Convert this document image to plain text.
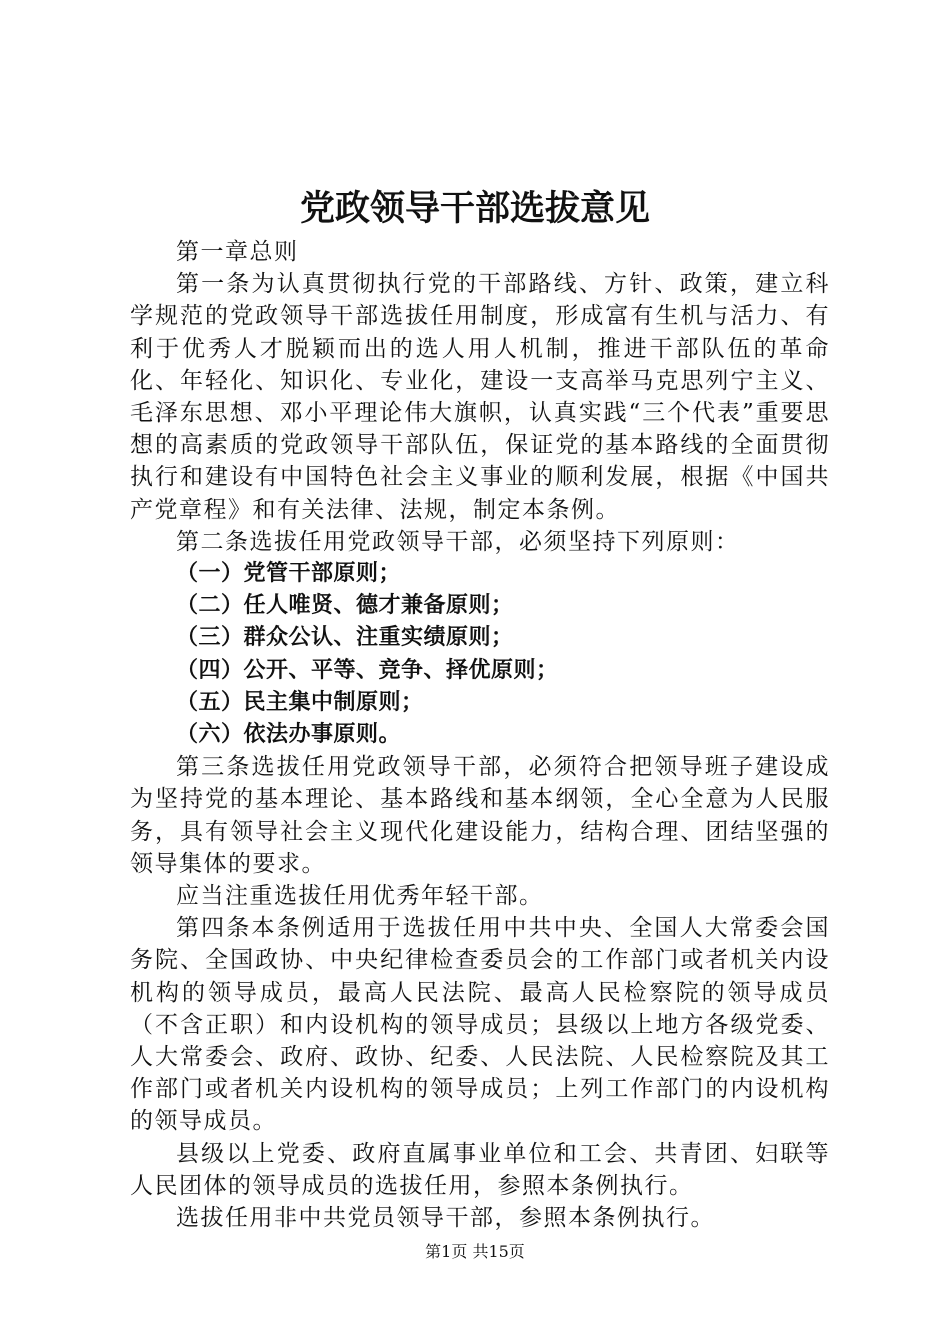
党政领导干部选拔意见

第一章总则

第一条为认真贯彻执行党的干部路线、方针、政策，建立科学规范的党政领导干部选拔任用制度，形成富有生机与活力、有利于优秀人才脱颖而出的选人用人机制，推进干部队伍的革命化、年轻化、知识化、专业化，建设一支高举马克思列宁主义、毛泽东思想、邓小平理论伟大旗帜，认真实践“三个代表”重要思想的高素质的党政领导干部队伍，保证党的基本路线的全面贯彻执行和建设有中国特色社会主义事业的顺利发展，根据《中国共产党章程》和有关法律、法规，制定本条例。

第二条选拔任用党政领导干部，必须坚持下列原则：

（一）党管干部原则；

（二）任人唯贤、德才兼备原则；

（三）群众公认、注重实绩原则；

（四）公开、平等、竞争、择优原则；

（五）民主集中制原则；

（六）依法办事原则。

第三条选拔任用党政领导干部，必须符合把领导班子建设成为坚持党的基本理论、基本路线和基本纲领，全心全意为人民服务，具有领导社会主义现代化建设能力，结构合理、团结坚强的领导集体的要求。

应当注重选拔任用优秀年轻干部。

第四条本条例适用于选拔任用中共中央、全国人大常委会国务院、全国政协、中央纪律检查委员会的工作部门或者机关内设机构的领导成员，最高人民法院、最高人民检察院的领导成员（不含正职）和内设机构的领导成员；县级以上地方各级党委、人大常委会、政府、政协、纪委、人民法院、人民检察院及其工作部门或者机关内设机构的领导成员；上列工作部门的内设机构的领导成员。

县级以上党委、政府直属事业单位和工会、共青团、妇联等人民团体的领导成员的选拔任用，参照本条例执行。

选拔任用非中共党员领导干部，参照本条例执行。

第1页 共15页
